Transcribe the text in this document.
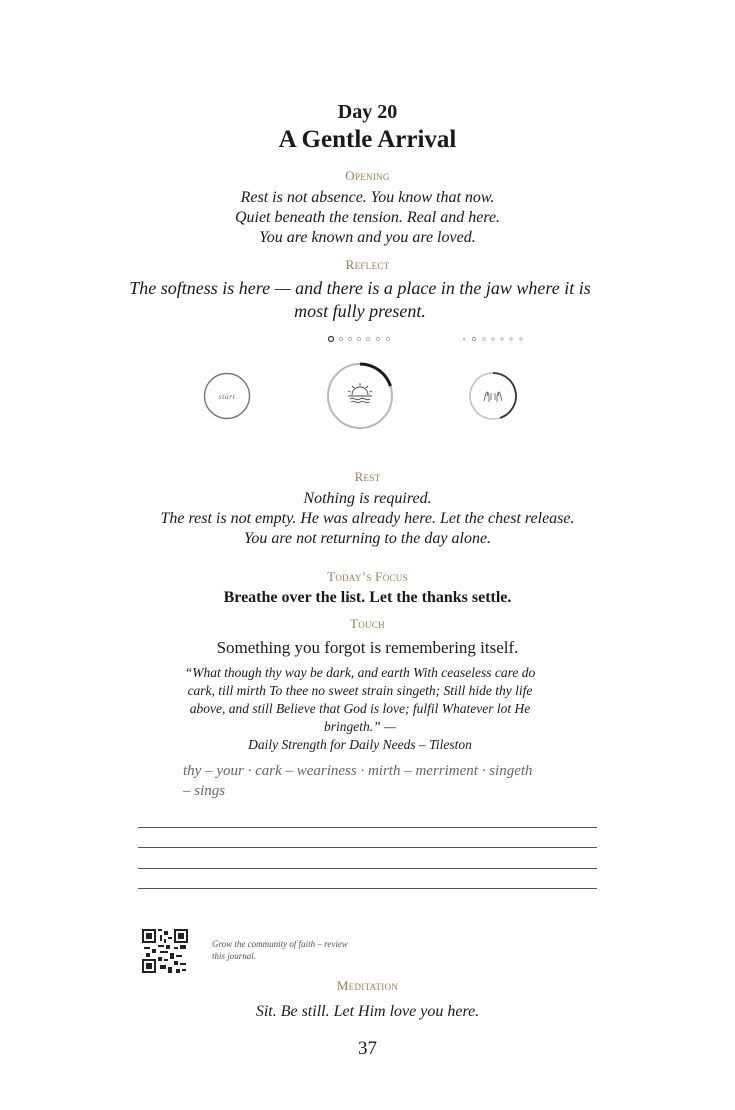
Day 20
A Gentle Arrival
Opening
Rest is not absence. You know that now.
Quiet beneath the tension. Real and here.
You are known and you are loved.
Reflect
The softness is here — and there is a place in the jaw where it is most fully present.
start
Rest
Nothing is required.
The rest is not empty. He was already here. Let the chest release.
You are not returning to the day alone.
Today’s Focus
Breathe over the list. Let the thanks settle.
Touch
Something you forgot is remembering itself.
“What though thy way be dark, and earth With ceaseless care do cark, till mirth To thee no sweet strain singeth; Still hide thy life above, and still Believe that God is love; fulfil Whatever lot He bringeth.” —
Daily Strength for Daily Needs – Tileston
thy – your · cark – weariness · mirth – merriment · singeth – sings
Grow the community of faith – review this journal.
Meditation
Sit. Be still. Let Him love you here.
37
